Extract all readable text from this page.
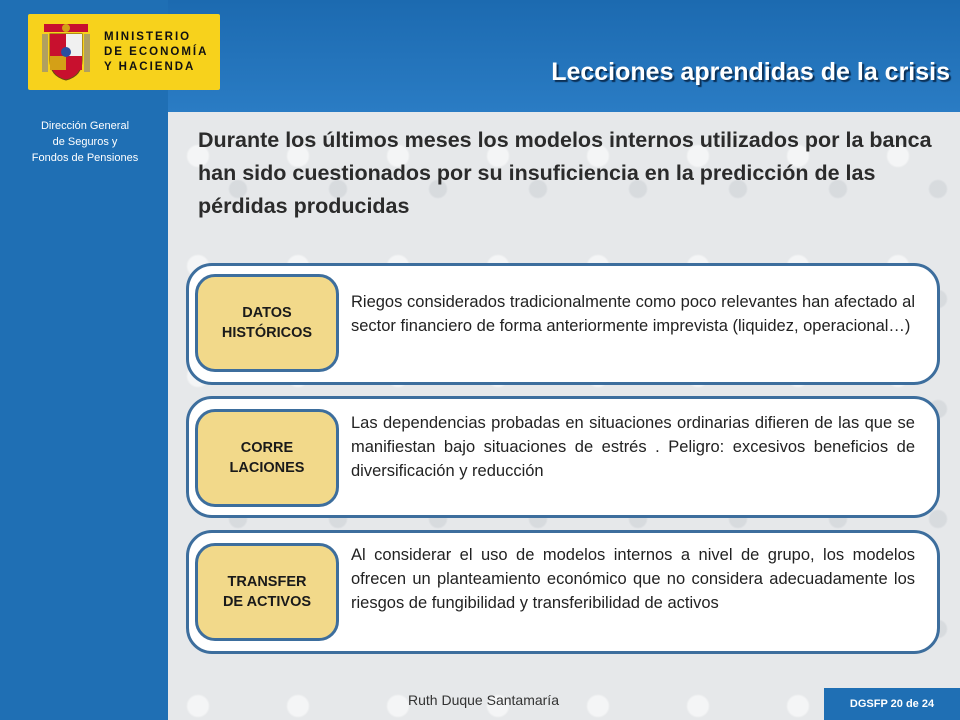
MINISTERIO
DE ECONOMÍA
Y HACIENDA
Dirección General
de Seguros y
Fondos de Pensiones
Lecciones aprendidas de la crisis
Durante los últimos meses los modelos internos utilizados por la banca han sido cuestionados por su insuficiencia en la predicción de las pérdidas producidas
DATOS
HISTÓRICOS
Riegos considerados tradicionalmente como poco relevantes han afectado al sector financiero de forma anteriormente imprevista (liquidez, operacional…)
CORRE
LACIONES
Las dependencias probadas en situaciones ordinarias difieren de las que se manifiestan bajo situaciones de estrés . Peligro: excesivos beneficios de diversificación y reducción
TRANSFER
DE ACTIVOS
Al considerar el uso de modelos internos a nivel de grupo, los modelos ofrecen un planteamiento económico que no considera adecuadamente los riesgos de fungibilidad y transferibilidad de activos
Ruth Duque Santamaría	DGSFP 20 de 24
